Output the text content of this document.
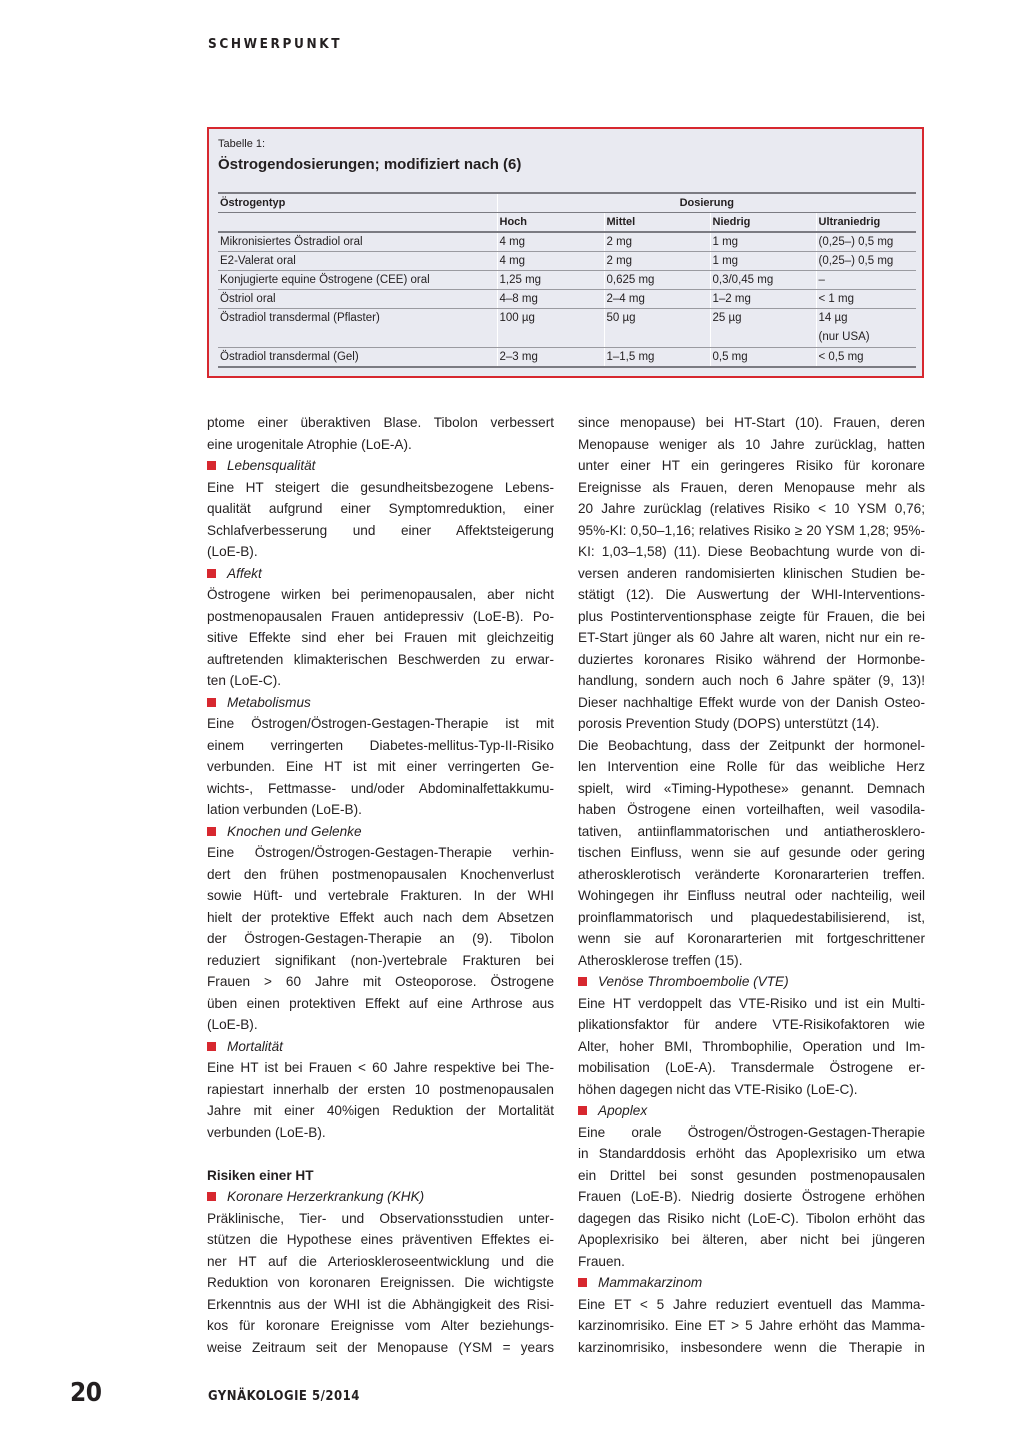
SCHWERPUNKT
Tabelle 1:
Östrogendosierungen; modifiziert nach (6)
Östrogentyp	Dosierung			
	Hoch	Mittel	Niedrig	Ultraniedrig
Mikronisiertes Östradiol oral	4 mg	2 mg	1 mg	(0,25–) 0,5 mg
E2-Valerat oral	4 mg	2 mg	1 mg	(0,25–) 0,5 mg
Konjugierte equine Östrogene (CEE) oral	1,25 mg	0,625 mg	0,3/0,45 mg	–
Östriol oral	4–8 mg	2–4 mg	1–2 mg	< 1 mg
Östradiol transdermal (Pflaster)	100 µg	50 µg	25 µg	14 µg
(nur USA)

Östradiol transdermal (Gel)	2–3 mg	1–1,5 mg	0,5 mg	< 0,5 mg
ptome einer überaktiven Blase. Tibolon verbessert
eine urogenitale Atrophie (LoE-A).
Lebensqualität
Eine HT steigert die gesundheitsbezogene Lebens-
qualität aufgrund einer Symptomreduktion, einer
Schlafverbesserung und einer Affektsteigerung
(LoE-B).
Affekt
Östrogene wirken bei perimenopausalen, aber nicht
postmenopausalen Frauen antidepressiv (LoE-B). Po-
sitive Effekte sind eher bei Frauen mit gleichzeitig
auftretenden klimakterischen Beschwerden zu erwar-
ten (LoE-C).
Metabolismus
Eine Östrogen/Östrogen-Gestagen-Therapie ist mit
einem verringerten Diabetes-mellitus-Typ-II-Risiko
verbunden. Eine HT ist mit einer verringerten Ge-
wichts-, Fettmasse- und/oder Abdominalfettakkumu-
lation verbunden (LoE-B).
Knochen und Gelenke
Eine Östrogen/Östrogen-Gestagen-Therapie verhin-
dert den frühen postmenopausalen Knochenverlust
sowie Hüft- und vertebrale Frakturen. In der WHI
hielt der protektive Effekt auch nach dem Absetzen
der Östrogen-Gestagen-Therapie an (9). Tibolon
reduziert signifikant (non-)vertebrale Frakturen bei
Frauen > 60 Jahre mit Osteoporose. Östrogene
üben einen protektiven Effekt auf eine Arthrose aus
(LoE-B).
Mortalität
Eine HT ist bei Frauen < 60 Jahre respektive bei The-
rapiestart innerhalb der ersten 10 postmenopausalen
Jahre mit einer 40%igen Reduktion der Mortalität
verbunden (LoE-B).
Risiken einer HT
Koronare Herzerkrankung (KHK)
Präklinische, Tier- und Observationsstudien unter-
stützen die Hypothese eines präventiven Effektes ei-
ner HT auf die Arterioskleroseentwicklung und die
Reduktion von koronaren Ereignissen. Die wichtigste
Erkenntnis aus der WHI ist die Abhängigkeit des Risi-
kos für koronare Ereignisse vom Alter beziehungs-
weise Zeitraum seit der Menopause (YSM = years
since menopause) bei HT-Start (10). Frauen, deren
Menopause weniger als 10 Jahre zurücklag, hatten
unter einer HT ein geringeres Risiko für koronare
Ereignisse als Frauen, deren Menopause mehr als
20 Jahre zurücklag (relatives Risiko < 10 YSM 0,76;
95%-KI: 0,50–1,16; relatives Risiko ≥ 20 YSM 1,28; 95%-
KI: 1,03–1,58) (11). Diese Beobachtung wurde von di-
versen anderen randomisierten klinischen Studien be-
stätigt (12). Die Auswertung der WHI-Interventions-
plus Postinterventionsphase zeigte für Frauen, die bei
ET-Start jünger als 60 Jahre alt waren, nicht nur ein re-
duziertes koronares Risiko während der Hormonbe-
handlung, sondern auch noch 6 Jahre später (9, 13)!
Dieser nachhaltige Effekt wurde von der Danish Osteo-
porosis Prevention Study (DOPS) unterstützt (14).
Die Beobachtung, dass der Zeitpunkt der hormonel-
len Intervention eine Rolle für das weibliche Herz
spielt, wird «Timing-Hypothese» genannt. Demnach
haben Östrogene einen vorteilhaften, weil vasodila-
tativen, antiinflammatorischen und antiatherosklero-
tischen Einfluss, wenn sie auf gesunde oder gering
atherosklerotisch veränderte Koronararterien treffen.
Wohingegen ihr Einfluss neutral oder nachteilig, weil
proinflammatorisch und plaquedestabilisierend, ist,
wenn sie auf Koronararterien mit fortgeschrittener
Atherosklerose treffen (15).
Venöse Thromboembolie (VTE)
Eine HT verdoppelt das VTE-Risiko und ist ein Multi-
plikationsfaktor für andere VTE-Risikofaktoren wie
Alter, hoher BMI, Thrombophilie, Operation und Im-
mobilisation (LoE-A). Transdermale Östrogene er-
höhen dagegen nicht das VTE-Risiko (LoE-C).
Apoplex
Eine orale Östrogen/Östrogen-Gestagen-Therapie
in Standarddosis erhöht das Apoplexrisiko um etwa
ein Drittel bei sonst gesunden postmenopausalen
Frauen (LoE-B). Niedrig dosierte Östrogene erhöhen
dagegen das Risiko nicht (LoE-C). Tibolon erhöht das
Apoplexrisiko bei älteren, aber nicht bei jüngeren
Frauen.
Mammakarzinom
Eine ET < 5 Jahre reduziert eventuell das Mamma-
karzinomrisiko. Eine ET > 5 Jahre erhöht das Mamma-
karzinomrisiko, insbesondere wenn die Therapie in
20	GYNÄKOLOGIE 5/2014
